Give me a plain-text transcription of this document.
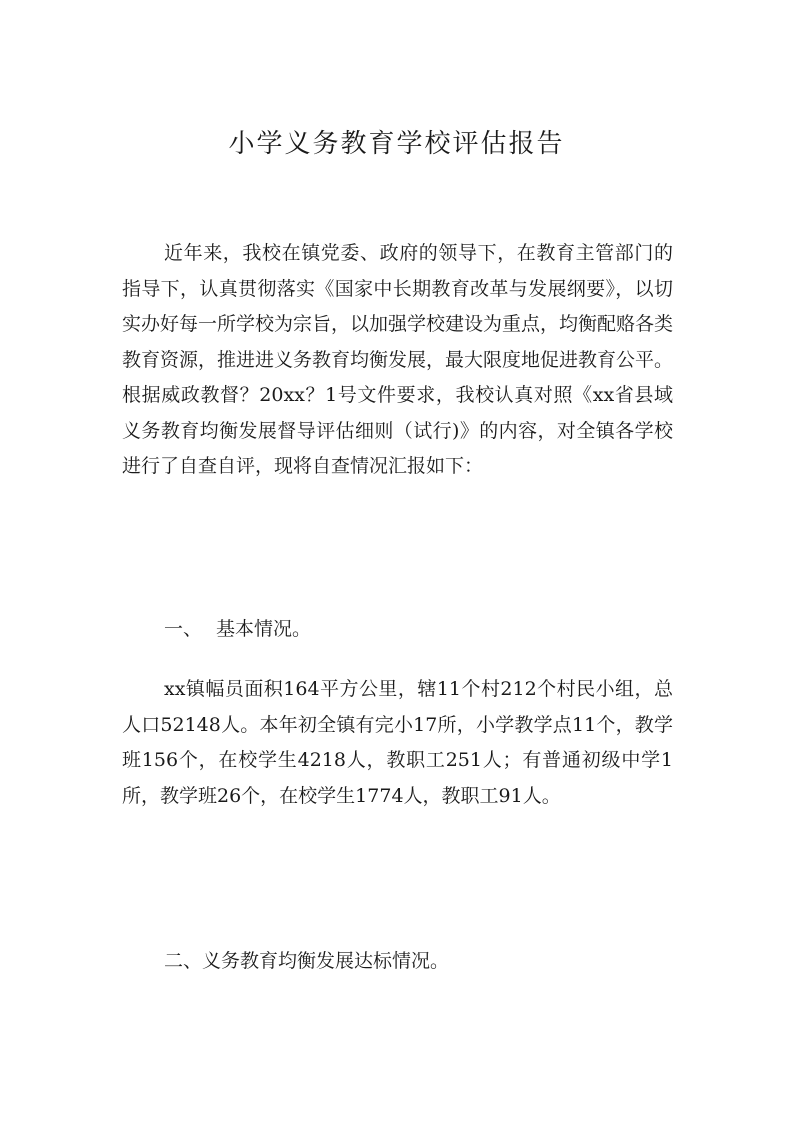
小学义务教育学校评估报告

近年来，我校在镇党委、政府的领导下，在教育主管部门的指导下，认真贯彻落实《国家中长期教育改革与发展纲要》，以切实办好每一所学校为宗旨，以加强学校建设为重点，均衡配赂各类教育资源，推进进义务教育均衡发展，最大限度地促进教育公平。根据威政教督？20xx？1号文件要求，我校认真对照《xx省县域义务教育均衡发展督导评估细则（试行)》的内容，对全镇各学校进行了自查自评，现将自查情况汇报如下：

一、 基本情况。

xx镇幅员面积164平方公里，辖11个村212个村民小组，总人口52148人。本年初全镇有完小17所，小学教学点11个，教学班156个，在校学生4218人，教职工251人；有普通初级中学1所，教学班26个，在校学生1774人，教职工91人。

二、义务教育均衡发展达标情况。
